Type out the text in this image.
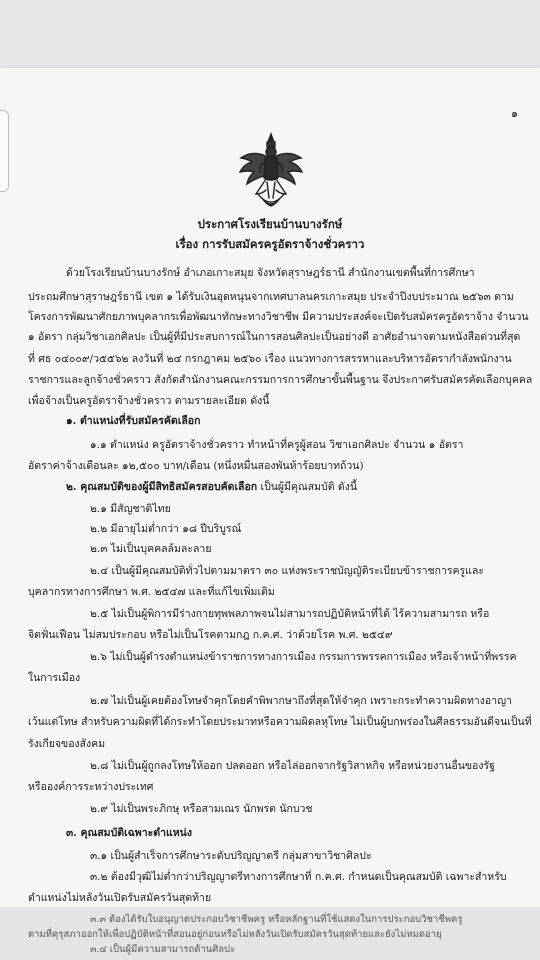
๑
ประกาศโรงเรียนบ้านบางรักษ์
เรื่อง การรับสมัครครูอัตราจ้างชั่วคราว
ด้วยโรงเรียนบ้านบางรักษ์ อำเภอเกาะสมุย จังหวัดสุราษฎร์ธานี สำนักงานเขตพื้นที่การศึกษา
ประถมศึกษาสุราษฎร์ธานี เขต ๑ ได้รับเงินอุดหนุนจากเทศบาลนครเกาะสมุย ประจำปีงบประมาณ ๒๕๖๓ ตาม
โครงการพัฒนาศักยภาพบุคลากรเพื่อพัฒนาทักษะทางวิชาชีพ มีความประสงค์จะเปิดรับสมัครครูอัตราจ้าง จำนวน
๑ อัตรา กลุ่มวิชาเอกศิลปะ เป็นผู้ที่มีประสบการณ์ในการสอนศิลปะเป็นอย่างดี อาศัยอำนาจตามหนังสือด่วนที่สุด
ที่ ศธ ๐๔๐๐๙/ว๕๕๖๒ ลงวันที่ ๒๔ กรกฎาคม ๒๕๖๐ เรื่อง แนวทางการสรรหาและบริหารอัตรากำลังพนักงาน
ราชการและลูกจ้างชั่วคราว สังกัดสำนักงานคณะกรรมการการศึกษาขั้นพื้นฐาน จึงประกาศรับสมัครคัดเลือกบุคคล
เพื่อจ้างเป็นครูอัตราจ้างชั่วคราว ตามรายละเอียด ดังนี้
๑. ตำแหน่งที่รับสมัครคัดเลือก
๑.๑ ตำแหน่ง ครูอัตราจ้างชั่วคราว ทำหน้าที่ครูผู้สอน วิชาเอกศิลปะ จำนวน ๑ อัตรา
อัตราค่าจ้างเดือนละ ๑๒,๕๐๐ บาท/เดือน (หนึ่งหมื่นสองพันห้าร้อยบาทถ้วน)
๒. คุณสมบัติของผู้มีสิทธิสมัครสอบคัดเลือก เป็นผู้มีคุณสมบัติ ดังนี้
๒.๑ มีสัญชาติไทย
๒.๒ มีอายุไม่ต่ำกว่า ๑๘ ปีบริบูรณ์
๒.๓ ไม่เป็นบุคคลล้มละลาย
๒.๔ เป็นผู้มีคุณสมบัติทั่วไปตามมาตรา ๓๐ แห่งพระราชบัญญัติระเบียบข้าราชการครูและ
บุคลากรทางการศึกษา พ.ศ. ๒๕๔๗ และที่แก้ไขเพิ่มเติม
๒.๕ ไม่เป็นผู้พิการมีร่างกายทุพพลภาพจนไม่สามารถปฏิบัติหน้าที่ได้ ไร้ความสามารถ หรือ
จิตฟั่นเฟือน ไม่สมประกอบ หรือไม่เป็นโรคตามกฎ ก.ค.ศ. ว่าด้วยโรค พ.ศ. ๒๕๔๙
๒.๖ ไม่เป็นผู้ดำรงตำแหน่งข้าราชการทางการเมือง กรรมการพรรคการเมือง หรือเจ้าหน้าที่พรรค
ในการเมือง
๒.๗ ไม่เป็นผู้เคยต้องโทษจำคุกโดยคำพิพากษาถึงที่สุดให้จำคุก เพราะกระทำความผิดทางอาญา
เว้นแต่โทษ สำหรับความผิดที่ได้กระทำโดยประมาทหรือความผิดลหุโทษ ไม่เป็นผู้บกพร่องในศีลธรรมอันดีจนเป็นที่
รังเกียจของสังคม
๒.๘ ไม่เป็นผู้ถูกลงโทษให้ออก ปลดออก หรือไล่ออกจากรัฐวิสาหกิจ หรือหน่วยงานอื่นของรัฐ
หรือองค์การระหว่างประเทศ
๒.๙ ไม่เป็นพระภิกษุ หรือสามเณร นักพรต นักบวช
๓. คุณสมบัติเฉพาะตำแหน่ง
๓.๑ เป็นผู้สำเร็จการศึกษาระดับปริญญาตรี กลุ่มสาขาวิชาศิลปะ
๓.๒ ต้องมีวุฒิไม่ต่ำกว่าปริญญาตรีทางการศึกษาที่ ก.ค.ศ. กำหนดเป็นคุณสมบัติ เฉพาะสำหรับ
ตำแหน่งไม่หลังวันเปิดรับสมัครวันสุดท้าย
๓.๓ ต้องได้รับใบอนุญาตประกอบวิชาชีพครู หรือหลักฐานที่ใช้แสดงในการประกอบวิชาชีพครู
ตามที่คุรุสภาออกให้เพื่อปฏิบัติหน้าที่สอนอยู่ก่อนหรือไม่หลังวันเปิดรับสมัครวันสุดท้ายและยังไม่หมดอายุ
๓.๔ เป็นผู้มีความสามารถด้านศิลปะ
